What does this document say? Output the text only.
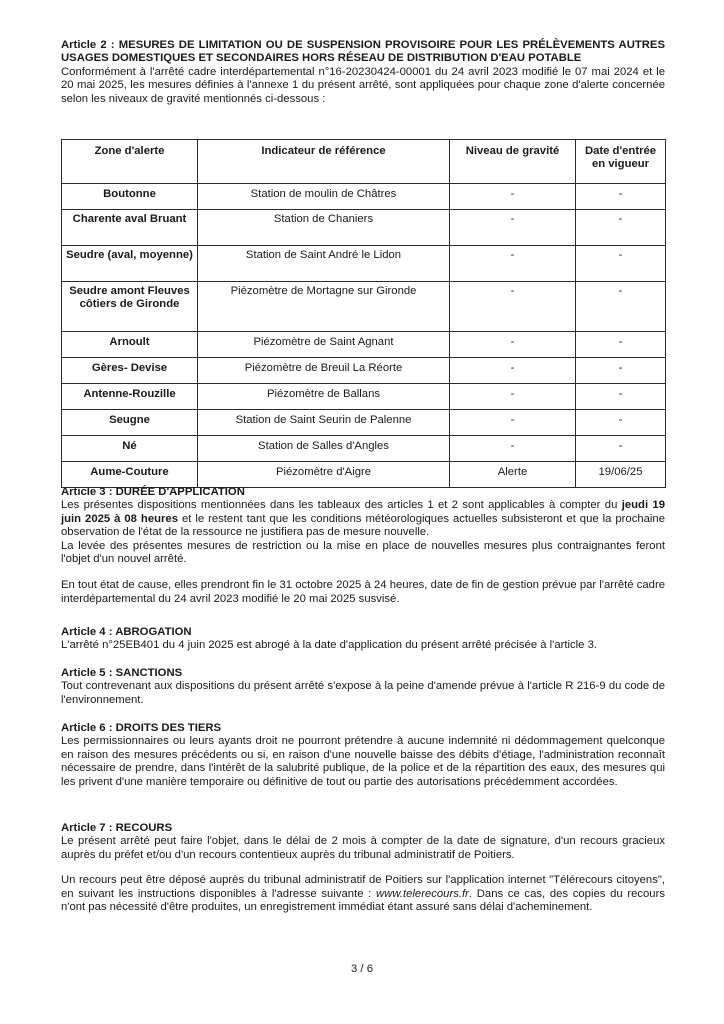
Article 2 : MESURES DE LIMITATION OU DE SUSPENSION PROVISOIRE POUR LES PRÉLÈVEMENTS AUTRES USAGES DOMESTIQUES ET SECONDAIRES HORS RÉSEAU DE DISTRIBUTION D'EAU POTABLE

Conformément à l'arrêté cadre interdépartemental n°16-20230424-00001 du 24 avril 2023 modifié le 07 mai 2024 et le 20 mai 2025, les mesures définies à l'annexe 1 du présent arrêté, sont appliquées pour chaque zone d'alerte concernée selon les niveaux de gravité mentionnés ci-dessous :

Zone d'alerte	Indicateur de référence	Niveau de gravité	Date d'entrée en vigueur
Boutonne	Station de moulin de Châtres	-	-
Charente aval Bruant	Station de Chaniers	-	-
Seudre (aval, moyenne)	Station de Saint André le Lidon	-	-
Seudre amont Fleuves côtiers de Gironde	Piézomètre de Mortagne sur Gironde	-	-
Arnoult	Piézomètre de Saint Agnant	-	-
Gères- Devise	Piézomètre de Breuil La Réorte	-	-
Antenne-Rouzille	Piézomètre de Ballans	-	-
Seugne	Station de Saint Seurin de Palenne	-	-
Né	Station de Salles d'Angles	-	-
Aume-Couture	Piézomètre d'Aigre	Alerte	19/06/25
Article 3 : DURÉE D'APPLICATION

Les présentes dispositions mentionnées dans les tableaux des articles 1 et 2 sont applicables à compter du jeudi 19 juin 2025 à 08 heures et le restent tant que les conditions météorologiques actuelles subsisteront et que la prochaine observation de l'état de la ressource ne justifiera pas de mesure nouvelle.

La levée des présentes mesures de restriction ou la mise en place de nouvelles mesures plus contraignantes feront l'objet d'un nouvel arrêté.

En tout état de cause, elles prendront fin le 31 octobre 2025 à 24 heures, date de fin de gestion prévue par l'arrêté cadre interdépartemental du 24 avril 2023 modifié le 20 mai 2025 susvisé.

Article 4 : ABROGATION

L'arrêté n°25EB401 du 4 juin 2025 est abrogé à la date d'application du présent arrêté précisée à l'article 3.

Article 5 : SANCTIONS

Tout contrevenant aux dispositions du présent arrêté s'expose à la peine d'amende prévue à l'article R 216-9 du code de l'environnement.

Article 6 : DROITS DES TIERS

Les permissionnaires ou leurs ayants droit ne pourront prétendre à aucune indemnité ni dédommagement quelconque en raison des mesures précédents ou si, en raison d'une nouvelle baisse des débits d'étiage, l'administration reconnaît nécessaire de prendre, dans l'intérêt de la salubrité publique, de la police et de la répartition des eaux, des mesures qui les privent d'une manière temporaire ou définitive de tout ou partie des autorisations précédemment accordées.

Article 7 : RECOURS

Le présent arrêté peut faire l'objet, dans le délai de 2 mois à compter de la date de signature, d'un recours gracieux auprès du préfet et/ou d'un recours contentieux auprès du tribunal administratif de Poitiers.

Un recours peut être déposé auprès du tribunal administratif de Poitiers sur l'application internet "Télérecours citoyens", en suivant les instructions disponibles à l'adresse suivante : www.telerecours.fr. Dans ce cas, des copies du recours n'ont pas nécessité d'être produites, un enregistrement immédiat étant assuré sans délai d'acheminement.

3 / 6
